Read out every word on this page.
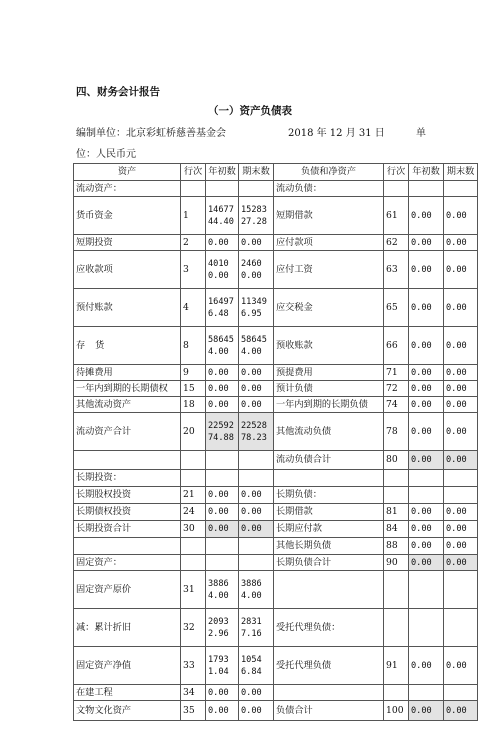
四、财务会计报告
（一）资产负债表
编制单位：北京彩虹桥慈善基金会	2018 年 12 月 31 日	单
位：人民币元
资产	行次	年初数	期末数	负债和净资产	行次	年初数	期末数
流动资产：				流动负债：			
货币资金	1	1467744.40	1528327.28	短期借款	61	0.00	0.00
短期投资	2	0.00	0.00	应付款项	62	0.00	0.00
应收款项	3	40100.00	24600.00	应付工资	63	0.00	0.00
预付账款	4	164976.48	113496.95	应交税金	65	0.00	0.00
存货	8	586454.00	586454.00	预收账款	66	0.00	0.00
待摊费用	9	0.00	0.00	预提费用	71	0.00	0.00
一年内到期的长期债权	15	0.00	0.00	预计负债	72	0.00	0.00
其他流动资产	18	0.00	0.00	一年内到期的长期负债	74	0.00	0.00
流动资产合计	20	2259274.88	2252878.23	其他流动负债	78	0.00	0.00
				流动负债合计	80	0.00	0.00
长期投资：							
长期股权投资	21	0.00	0.00	长期负债：			
长期债权投资	24	0.00	0.00	长期借款	81	0.00	0.00
长期投资合计	30	0.00	0.00	长期应付款	84	0.00	0.00
				其他长期负债	88	0.00	0.00
固定资产：				长期负债合计	90	0.00	0.00
固定资产原价	31	38864.00	38864.00				
减：累计折旧	32	20932.96	28317.16	受托代理负债：			
固定资产净值	33	17931.04	10546.84	受托代理负债	91	0.00	0.00
在建工程	34	0.00	0.00				
文物文化资产	35	0.00	0.00	负债合计	100	0.00	0.00
